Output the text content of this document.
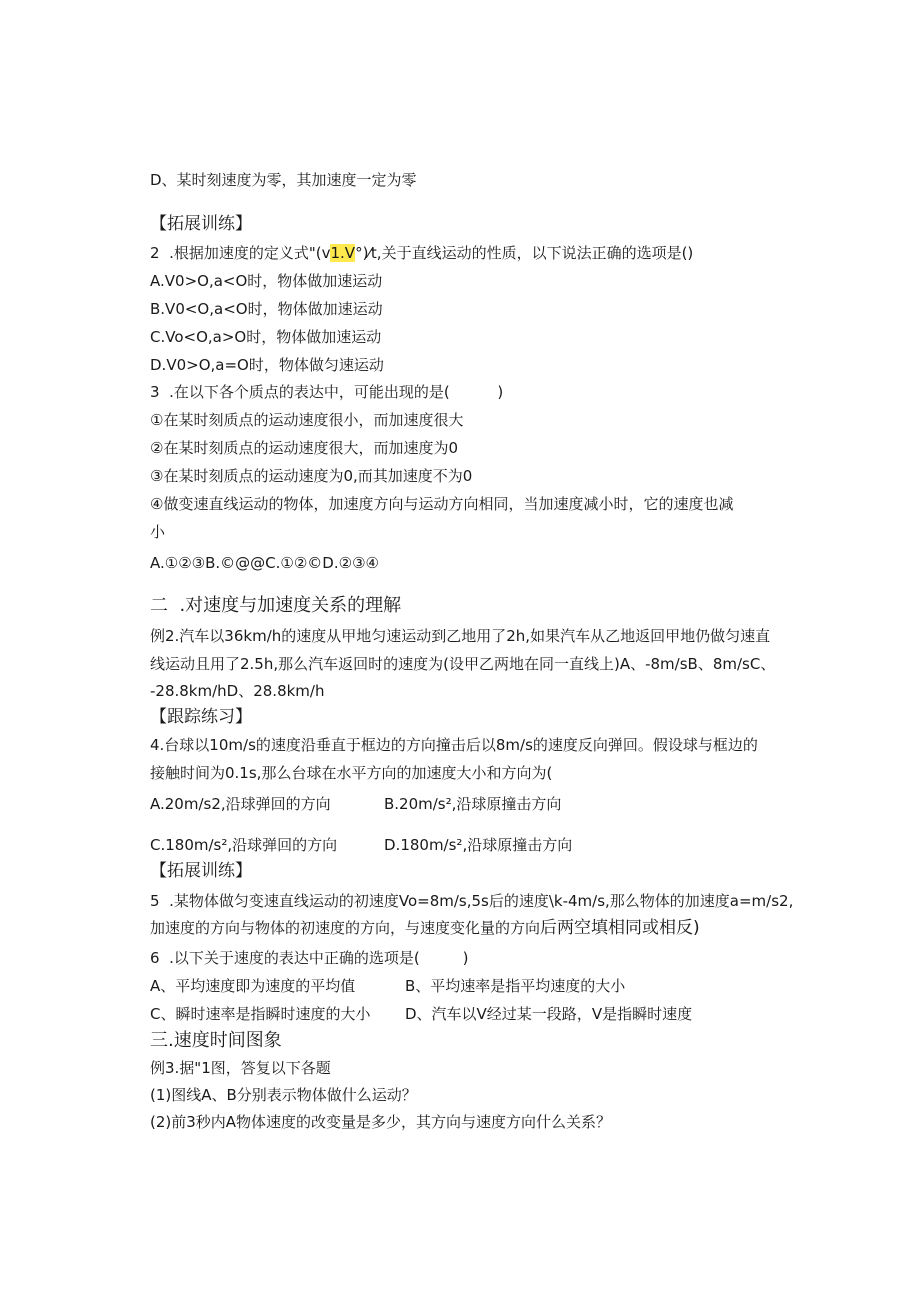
D、某时刻速度为零，其加速度一定为零
【拓展训练】
2  .根据加速度的定义式"(v1.V°)⁄t,关于直线运动的性质，以下说法正确的选项是()
A.V0>O,a<O时，物体做加速运动
B.V0<O,a<O时，物体做加速运动
C.Vo<O,a>O时，物体做加速运动
D.V0>O,a=O时，物体做匀速运动
3  .在以下各个质点的表达中，可能出现的是(          )
①在某时刻质点的运动速度很小，而加速度很大
②在某时刻质点的运动速度很大，而加速度为0
③在某时刻质点的运动速度为0,而其加速度不为0
④做变速直线运动的物体，加速度方向与运动方向相同，当加速度减小时，它的速度也减
小
A.①②③B.©@@C.①②©D.②③④
二  .对速度与加速度关系的理解
例2.汽车以36km∕h的速度从甲地匀速运动到乙地用了2h,如果汽车从乙地返回甲地仍做匀速直
线运动且用了2.5h,那么汽车返回时的速度为(设甲乙两地在同一直线上)A、-8m∕sB、8m∕sC、
-28.8km∕hD、28.8km∕h
【跟踪练习】
4.台球以10m∕s的速度沿垂直于框边的方向撞击后以8m∕s的速度反向弹回。假设球与框边的
接触时间为0.1s,那么台球在水平方向的加速度大小和方向为(
A.20m∕s2,沿球弹回的方向	B.20m∕s²,沿球原撞击方向
C.180m∕s²,沿球弹回的方向	D.180m∕s²,沿球原撞击方向
【拓展训练】
5  .某物体做匀变速直线运动的初速度Vo=8m∕s,5s后的速度\k-4m∕s,那么物体的加速度a=m∕s2,
加速度的方向与物体的初速度的方向，与速度变化量的方向后两空填相同或相反)
6  .以下关于速度的表达中正确的选项是(         )
A、平均速度即为速度的平均值	B、平均速率是指平均速度的大小
C、瞬时速率是指瞬时速度的大小 D、汽车以V经过某一段路，V是指瞬时速度
三.速度时间图象
例3.据"1图，答复以下各题
(1)图线A、B分别表示物体做什么运动？
(2)前3秒内A物体速度的改变量是多少，其方向与速度方向什么关系？
